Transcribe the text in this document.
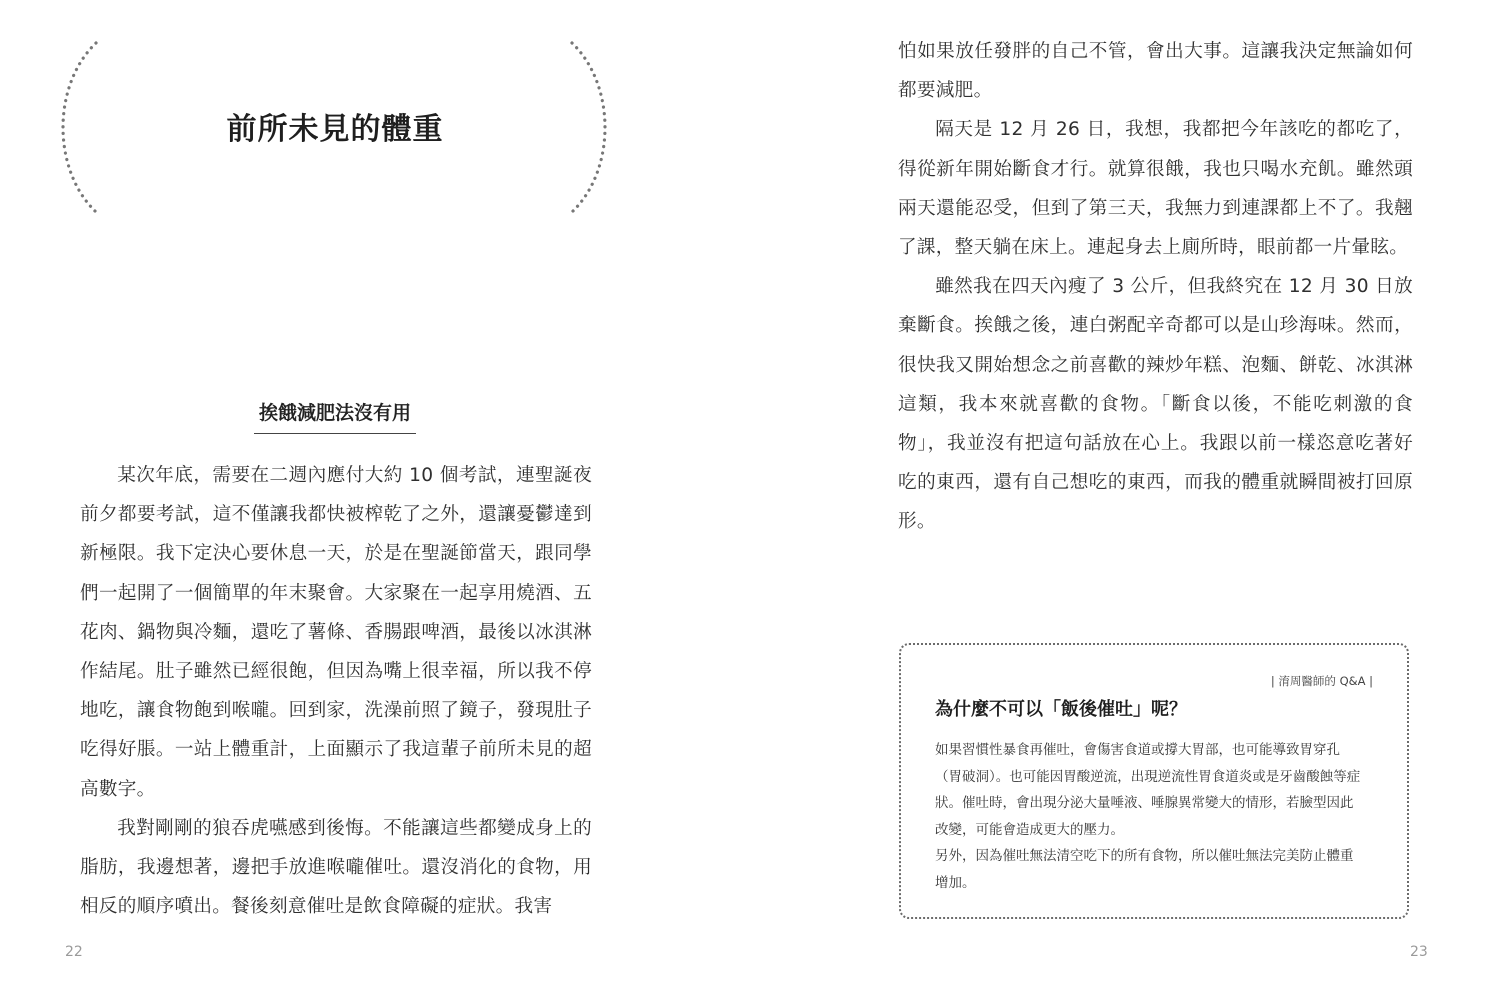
前所未見的體重
挨餓減肥法沒有用

某次年底，需要在二週內應付大約 10 個考試，連聖誕夜前夕都要考試，這不僅讓我都快被榨乾了之外，還讓憂鬱達到新極限。我下定決心要休息一天，於是在聖誕節當天，跟同學們一起開了一個簡單的年末聚會。大家聚在一起享用燒酒、五花肉、鍋物與冷麵，還吃了薯條、香腸跟啤酒，最後以冰淇淋作結尾。肚子雖然已經很飽，但因為嘴上很幸福，所以我不停地吃，讓食物飽到喉嚨。回到家，洗澡前照了鏡子，發現肚子吃得好脹。一站上體重計，上面顯示了我這輩子前所未見的超高數字。

我對剛剛的狼吞虎嚥感到後悔。不能讓這些都變成身上的脂肪，我邊想著，邊把手放進喉嚨催吐。還沒消化的食物，用相反的順序噴出。餐後刻意催吐是飲食障礙的症狀。我害

22

怕如果放任發胖的自己不管，會出大事。這讓我決定無論如何都要減肥。

隔天是 12 月 26 日，我想，我都把今年該吃的都吃了，得從新年開始斷食才行。就算很餓，我也只喝水充飢。雖然頭兩天還能忍受，但到了第三天，我無力到連課都上不了。我翹了課，整天躺在床上。連起身去上廁所時，眼前都一片暈眩。

雖然我在四天內瘦了 3 公斤，但我終究在 12 月 30 日放棄斷食。挨餓之後，連白粥配辛奇都可以是山珍海味。然而，很快我又開始想念之前喜歡的辣炒年糕、泡麵、餅乾、冰淇淋這類，我本來就喜歡的食物。「斷食以後，不能吃刺激的食物」，我並沒有把這句話放在心上。我跟以前一樣恣意吃著好吃的東西，還有自己想吃的東西，而我的體重就瞬間被打回原形。

| 淯周醫師的 Q&A |
為什麼不可以「飯後催吐」呢？

如果習慣性暴食再催吐，會傷害食道或撐大胃部，也可能導致胃穿孔（胃破洞）。也可能因胃酸逆流，出現逆流性胃食道炎或是牙齒酸蝕等症狀。催吐時，會出現分泌大量唾液、唾腺異常變大的情形，若臉型因此改變，可能會造成更大的壓力。

另外，因為催吐無法清空吃下的所有食物，所以催吐無法完美防止體重增加。

23
